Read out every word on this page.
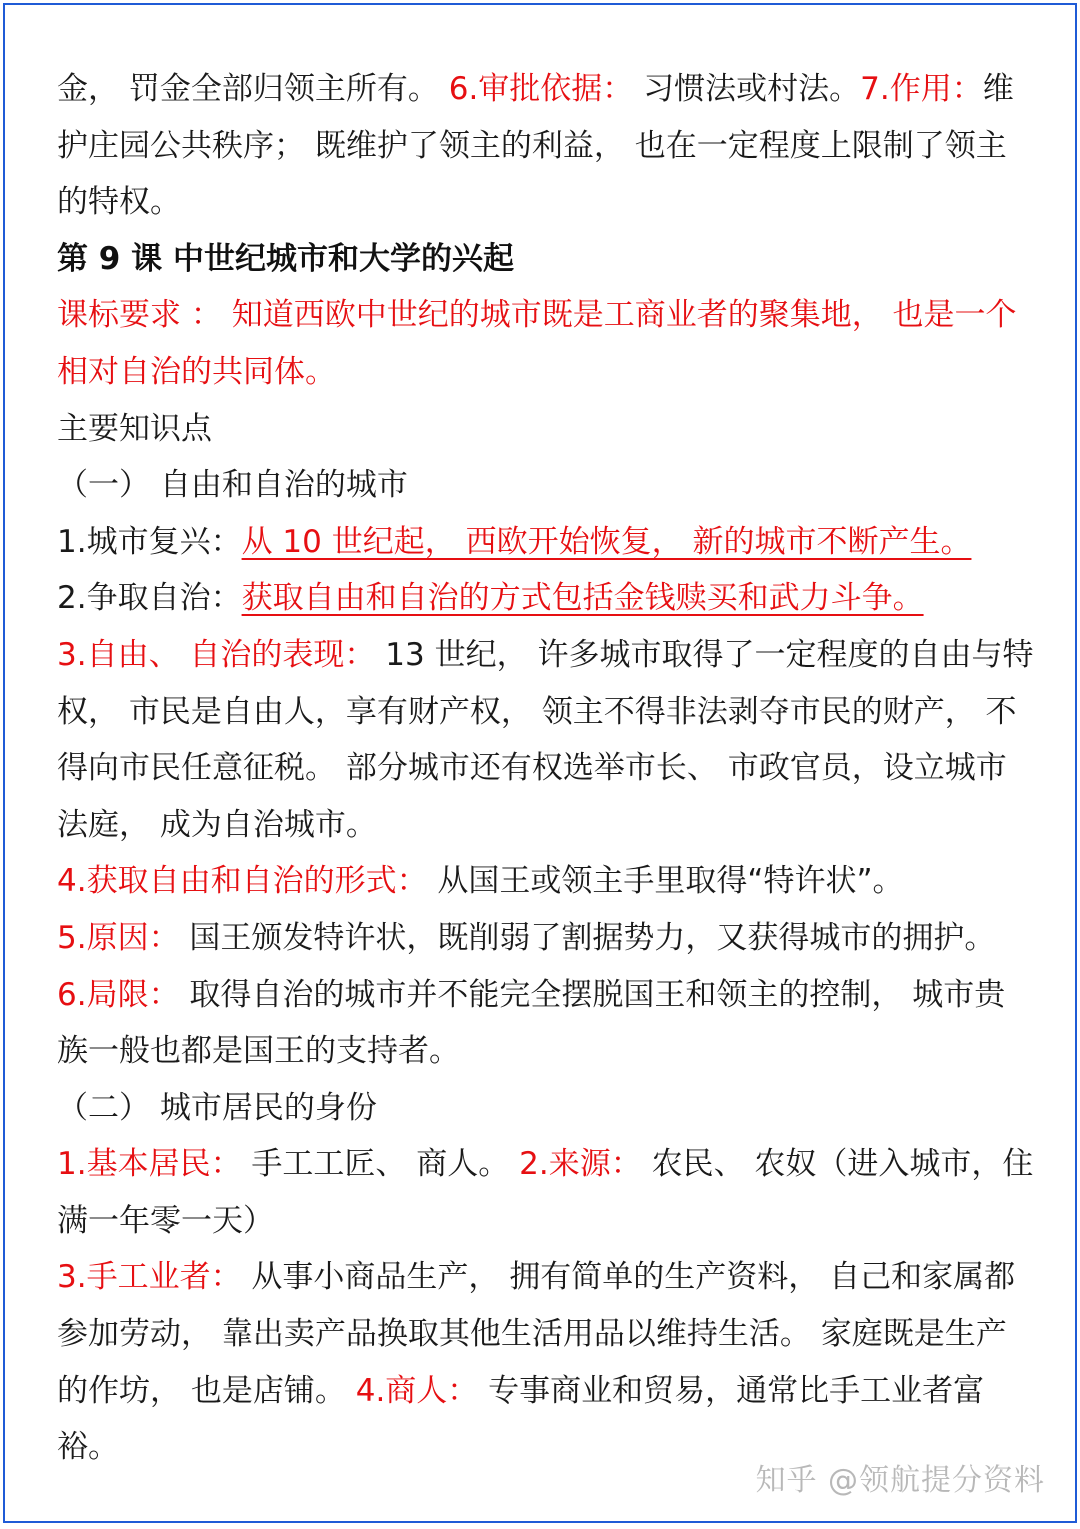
金， 罚金全部归领主所有。 6.审批依据： 习惯法或村法。7.作用：维护庄园公共秩序； 既维护了领主的利益， 也在一定程度上限制了领主的特权。

第 9 课 中世纪城市和大学的兴起

课标要求 ： 知道西欧中世纪的城市既是工商业者的聚集地， 也是一个相对自治的共同体。

主要知识点

（一） 自由和自治的城市

1.城市复兴：从 10 世纪起， 西欧开始恢复， 新的城市不断产生。

2.争取自治：获取自由和自治的方式包括金钱赎买和武力斗争。

3.自由、 自治的表现： 13 世纪， 许多城市取得了一定程度的自由与特权， 市民是自由人，享有财产权， 领主不得非法剥夺市民的财产， 不得向市民任意征税。 部分城市还有权选举市长、 市政官员，设立城市法庭， 成为自治城市。

4.获取自由和自治的形式： 从国王或领主手里取得“特许状”。

5.原因： 国王颁发特许状，既削弱了割据势力，又获得城市的拥护。

6.局限： 取得自治的城市并不能完全摆脱国王和领主的控制， 城市贵族一般也都是国王的支持者。

（二） 城市居民的身份

1.基本居民： 手工工匠、 商人。 2.来源： 农民、 农奴（进入城市，住满一年零一天）

3.手工业者： 从事小商品生产， 拥有简单的生产资料， 自己和家属都参加劳动， 靠出卖产品换取其他生活用品以维持生活。 家庭既是生产的作坊， 也是店铺。 4.商人： 专事商业和贸易，通常比手工业者富裕。

知乎 @领航提分资料
